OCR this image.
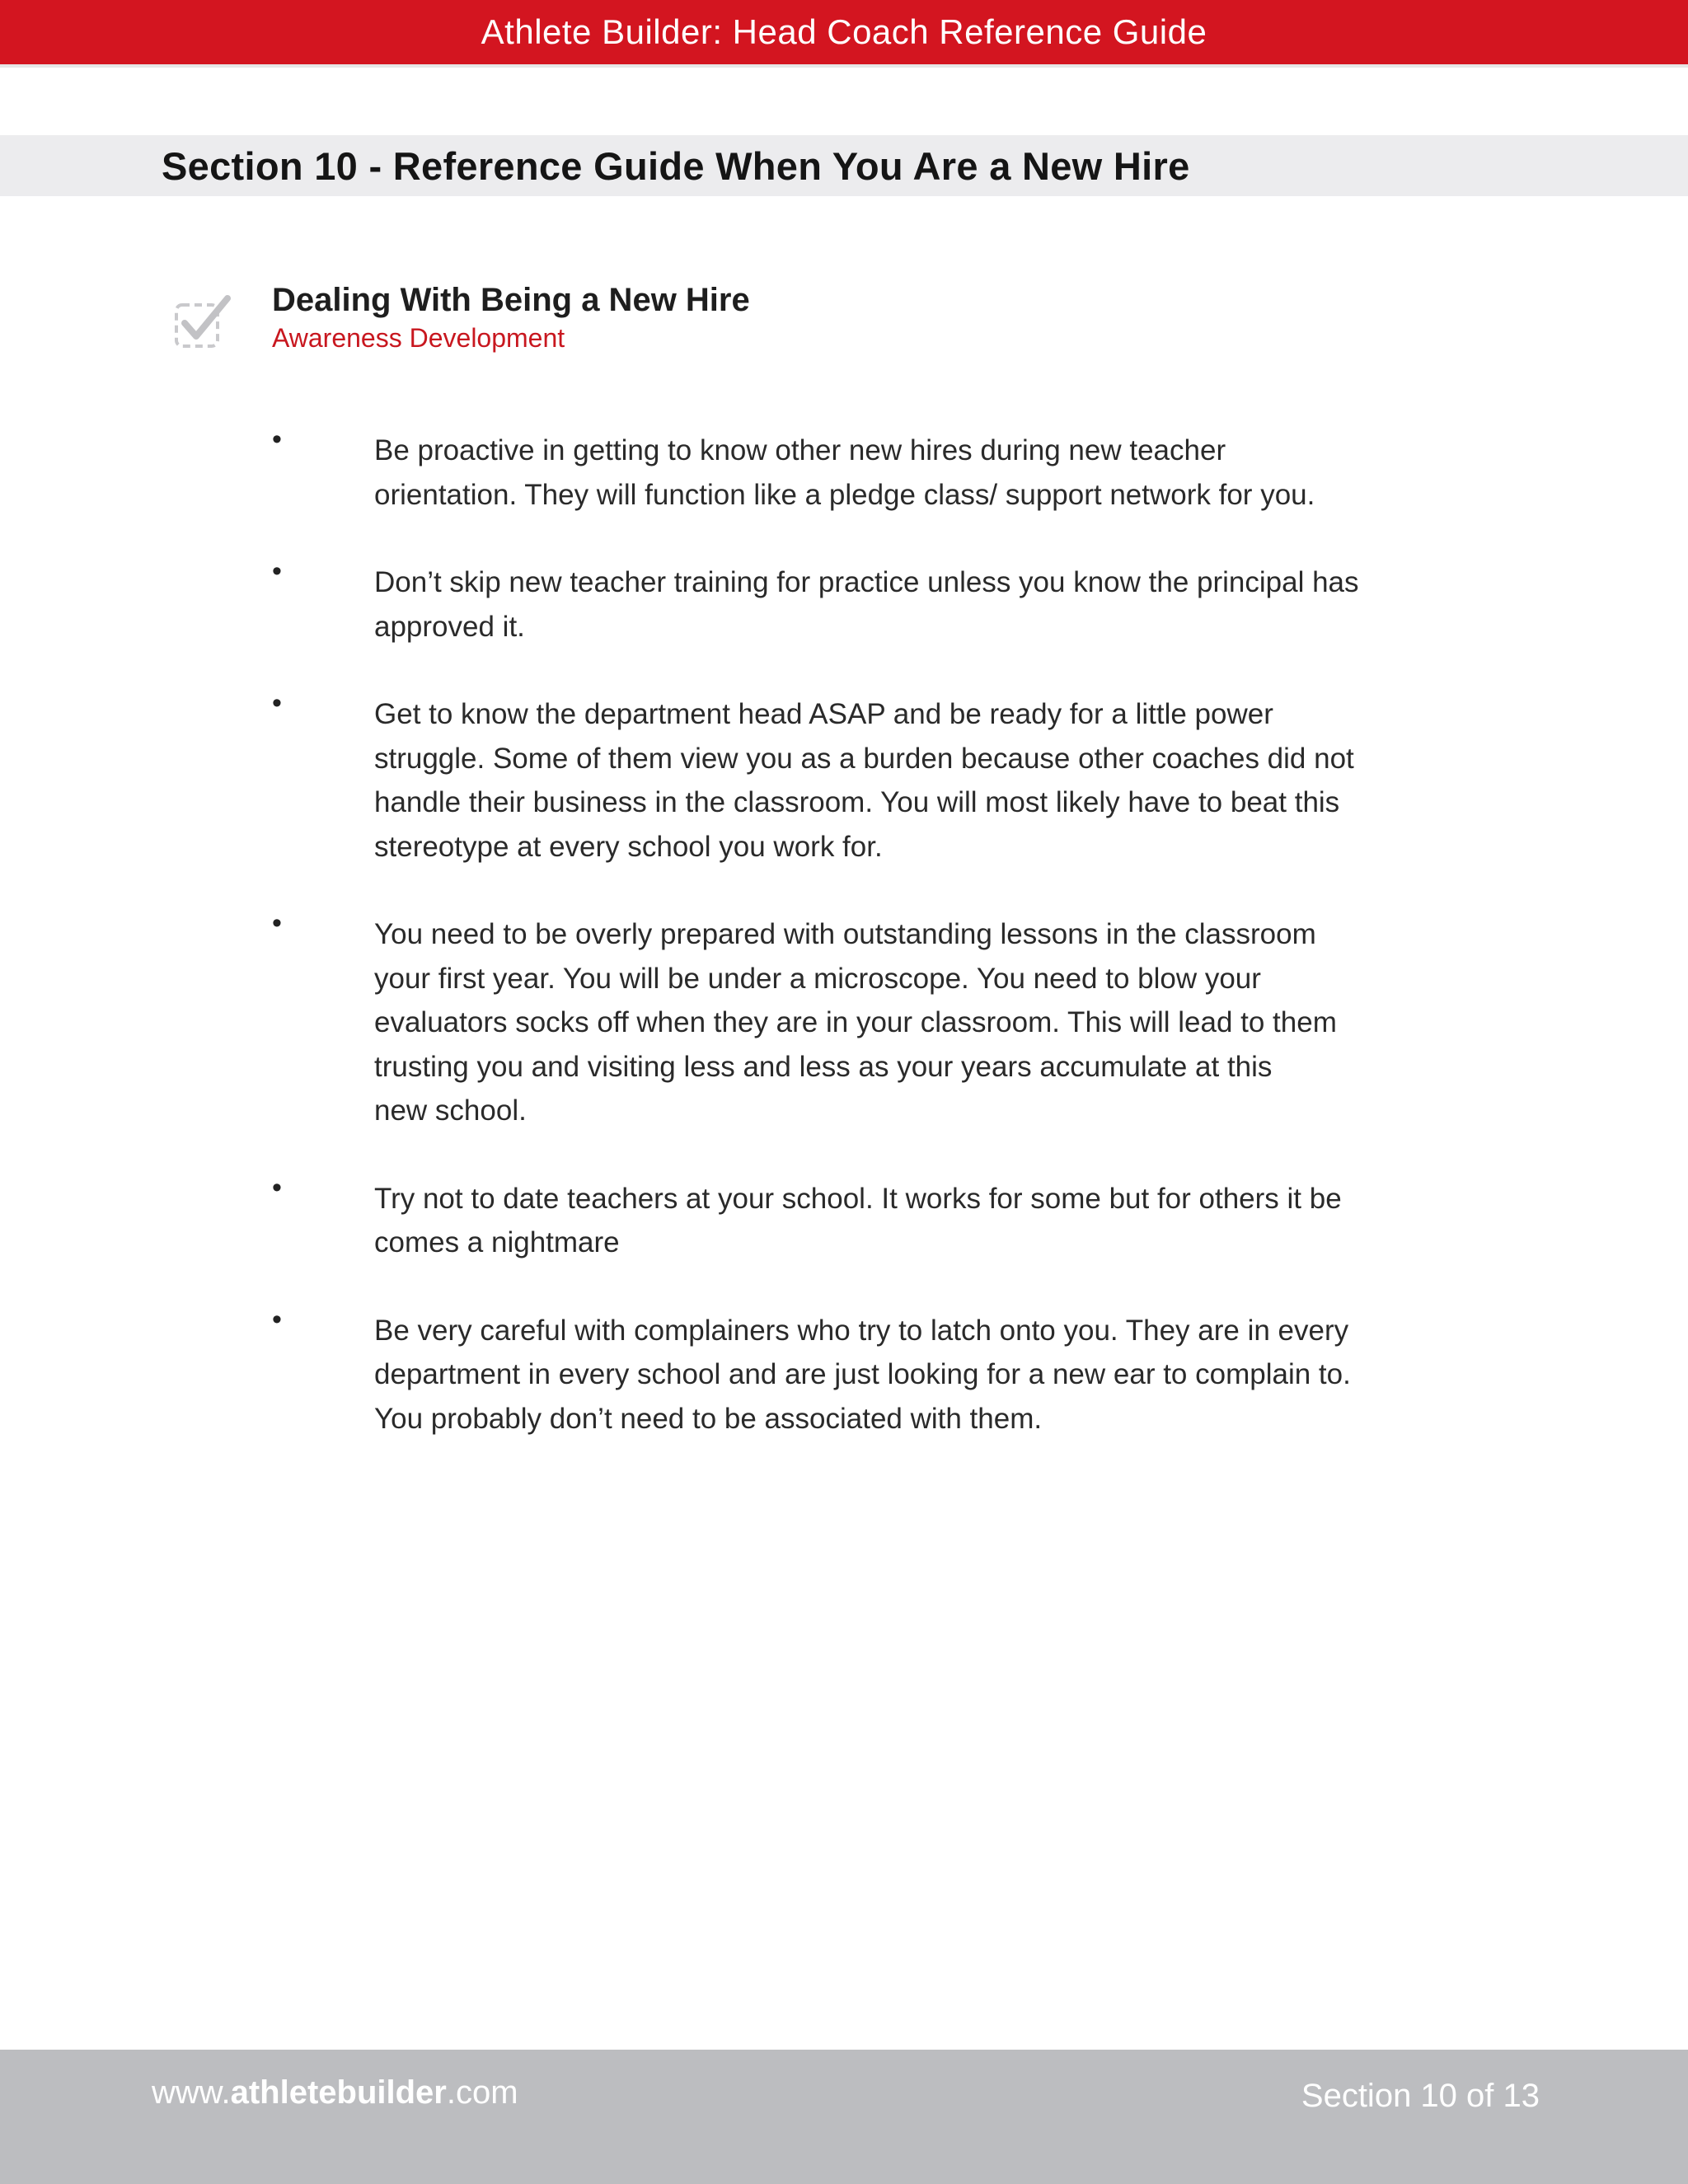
Athlete Builder: Head Coach Reference Guide
Section 10 - Reference Guide When You Are a New Hire
Dealing With Being a New Hire
Awareness Development
•	Be proactive in getting to know other new hires during new teacher
orientation. They will function like a pledge class/ support network for you.
•	Don’t skip new teacher training for practice unless you know the principal has
approved it.
•	Get to know the department head ASAP and be ready for a little power
struggle. Some of them view you as a burden because other coaches did not
handle their business in the classroom. You will most likely have to beat this
stereotype at every school you work for.
•	You need to be overly prepared with outstanding lessons in the classroom
your first year. You will be under a microscope. You need to blow your
evaluators socks off when they are in your classroom. This will lead to them
trusting you and visiting less and less as your years accumulate at this
new school.
•	Try not to date teachers at your school. It works for some but for others it be
comes a nightmare
•	Be very careful with complainers who try to latch onto you. They are in every
department in every school and are just looking for a new ear to complain to.
You probably don’t need to be associated with them.
www.athletebuilder.com	Section 10 of 13
